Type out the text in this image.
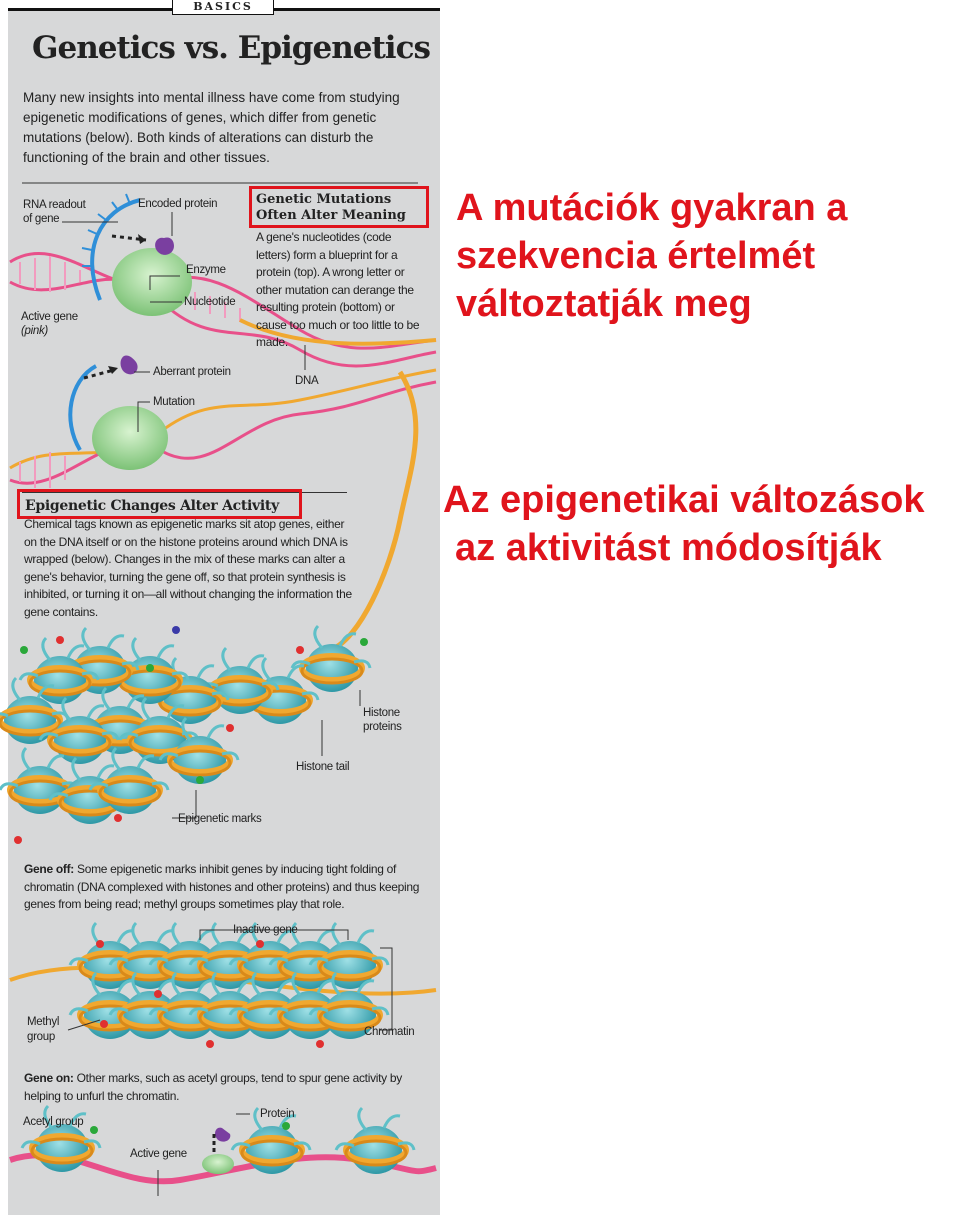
BASICS
Genetics vs. Epigenetics
Many new insights into mental illness have come from studying epigenetic modifications of genes, which differ from genetic mutations (below). Both kinds of alterations can disturb the functioning of the brain and other tissues.
RNA readout
of gene
Encoded protein
Enzyme
Nucleotide
Active gene
(pink)
Aberrant protein
Mutation
DNA
Genetic Mutations
Often Alter Meaning
A gene's nucleotides (code letters) form a blueprint for a protein (top). A wrong letter or other mutation can derange the resulting protein (bottom) or cause too much or too little to be made.
Epigenetic Changes Alter Activity
Chemical tags known as epigenetic marks sit atop genes, either on the DNA itself or on the histone proteins around which DNA is wrapped (below). Changes in the mix of these marks can alter a gene's behavior, turning the gene off, so that protein synthesis is inhibited, or turning it on—all without changing the information the gene contains.
Histone
proteins
Histone tail
Epigenetic marks
Gene off: Some epigenetic marks inhibit genes by inducing tight folding of chromatin (DNA complexed with histones and other proteins) and thus keeping genes from being read; methyl groups sometimes play that role.
Inactive gene
Methyl
group	Chromatin
Gene on: Other marks, such as acetyl groups, tend to spur gene activity by helping to unfurl the chromatin.
Acetyl group
Protein
Active gene
A mutációk gyakran a
szekvencia értelmét
változtatják meg
Az epigenetikai változások
az aktivitást módosítják
